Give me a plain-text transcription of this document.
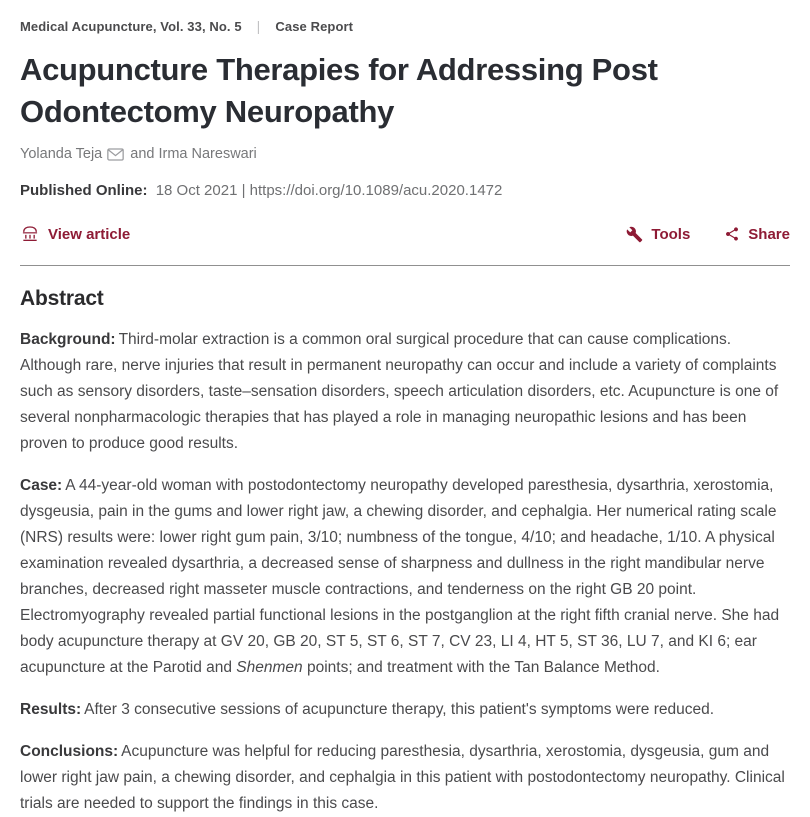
Medical Acupuncture, Vol. 33, No. 5 | Case Report
Acupuncture Therapies for Addressing Post Odontectomy Neuropathy
Yolanda Teja and
Irma Nareswari
Published Online: 18 Oct 2021 | https://doi.org/10.1089/acu.2020.1472
View article	Tools	Share
Abstract

Background: Third-molar extraction is a common oral surgical procedure that can cause complications. Although rare, nerve injuries that result in permanent neuropathy can occur and include a variety of complaints such as sensory disorders, taste–sensation disorders, speech articulation disorders, etc. Acupuncture is one of several nonpharmacologic therapies that has played a role in managing neuropathic lesions and has been proven to produce good results.

Case: A 44-year-old woman with postodontectomy neuropathy developed paresthesia, dysarthria, xerostomia, dysgeusia, pain in the gums and lower right jaw, a chewing disorder, and cephalgia. Her numerical rating scale (NRS) results were: lower right gum pain, 3/10; numbness of the tongue, 4/10; and headache, 1/10. A physical examination revealed dysarthria, a decreased sense of sharpness and dullness in the right mandibular nerve branches, decreased right masseter muscle contractions, and tenderness on the right GB 20 point. Electromyography revealed partial functional lesions in the postganglion at the right fifth cranial nerve. She had body acupuncture therapy at GV 20, GB 20, ST 5, ST 6, ST 7, CV 23, LI 4, HT 5, ST 36, LU 7, and KI 6; ear acupuncture at the Parotid and Shenmen points; and treatment with the Tan Balance Method.

Results: After 3 consecutive sessions of acupuncture therapy, this patient's symptoms were reduced.

Conclusions: Acupuncture was helpful for reducing paresthesia, dysarthria, xerostomia, dysgeusia, gum and lower right jaw pain, a chewing disorder, and cephalgia in this patient with postodontectomy neuropathy. Clinical trials are needed to support the findings in this case.
